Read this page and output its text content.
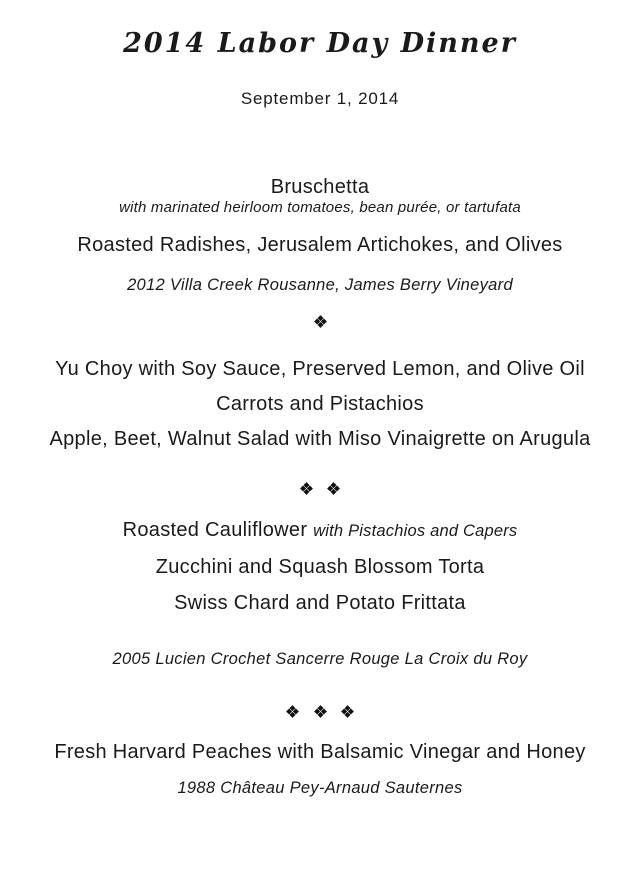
2014 Labor Day Dinner
September 1, 2014
Bruschetta
with marinated heirloom tomatoes, bean purée, or tartufata
Roasted Radishes, Jerusalem Artichokes, and Olives
2012 Villa Creek Rousanne, James Berry Vineyard
Yu Choy with Soy Sauce, Preserved Lemon, and Olive Oil
Carrots and Pistachios
Apple, Beet, Walnut Salad with Miso Vinaigrette on Arugula

Roasted Cauliflower with Pistachios and Capers
Zucchini and Squash Blossom Torta
Swiss Chard and Potato Frittata
2005 Lucien Crochet Sancerre Rouge La Croix du Roy

Fresh Harvard Peaches with Balsamic Vinegar and Honey
1988 Château Pey-Arnaud Sauternes
